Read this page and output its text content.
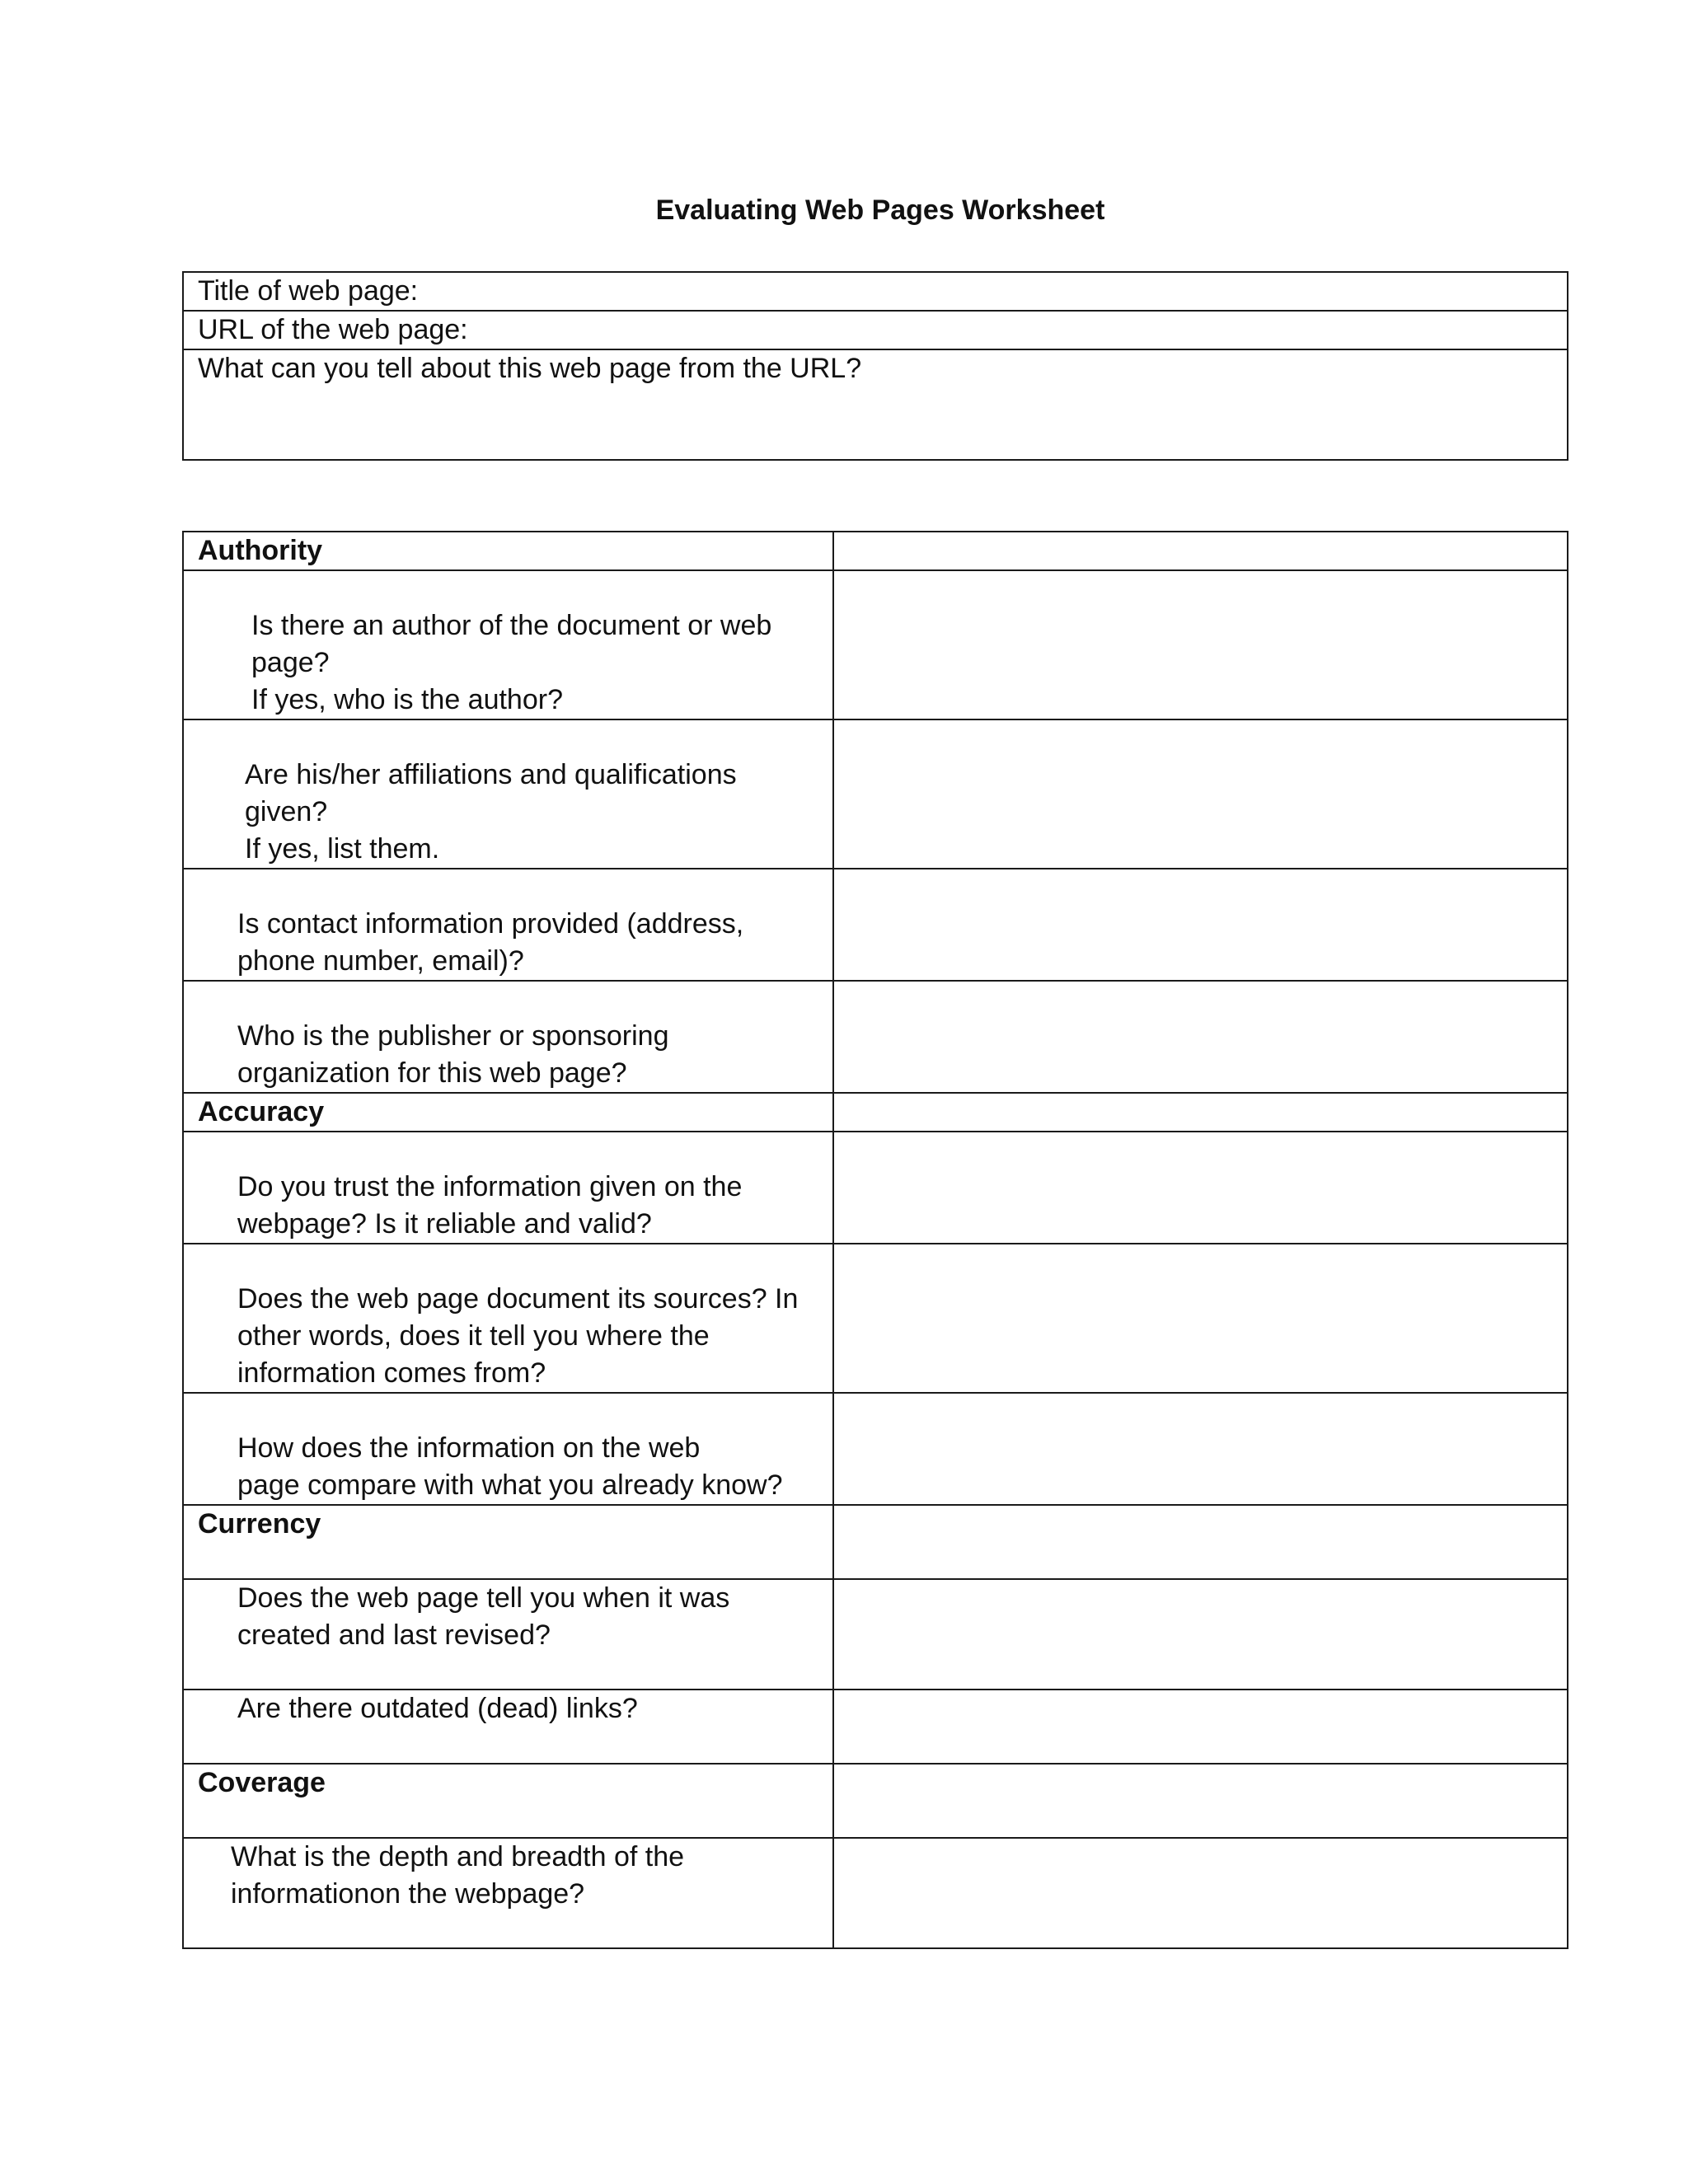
Evaluating Web Pages Worksheet
Title of web page:
URL of the web page:
What can you tell about this web page from the URL?
Authority	
Is there an author of the document or web
page?
If yes, who is the author?	
Are his/her affiliations and qualifications
given?
If yes, list them.	
Is contact information provided (address,
phone number, email)?	
Who is the publisher or sponsoring
organization for this web page?	
Accuracy	
Do you trust the information given on the
webpage? Is it reliable and valid?	
Does the web page document its sources? In
other words, does it tell you where the
information comes from?	
How does the information on the web
page compare with what you already know?	
Currency	
Does the web page tell you when it was
created and last revised?	
Are there outdated (dead) links?	
Coverage	
What is the depth and breadth of the
informationon the webpage?	
